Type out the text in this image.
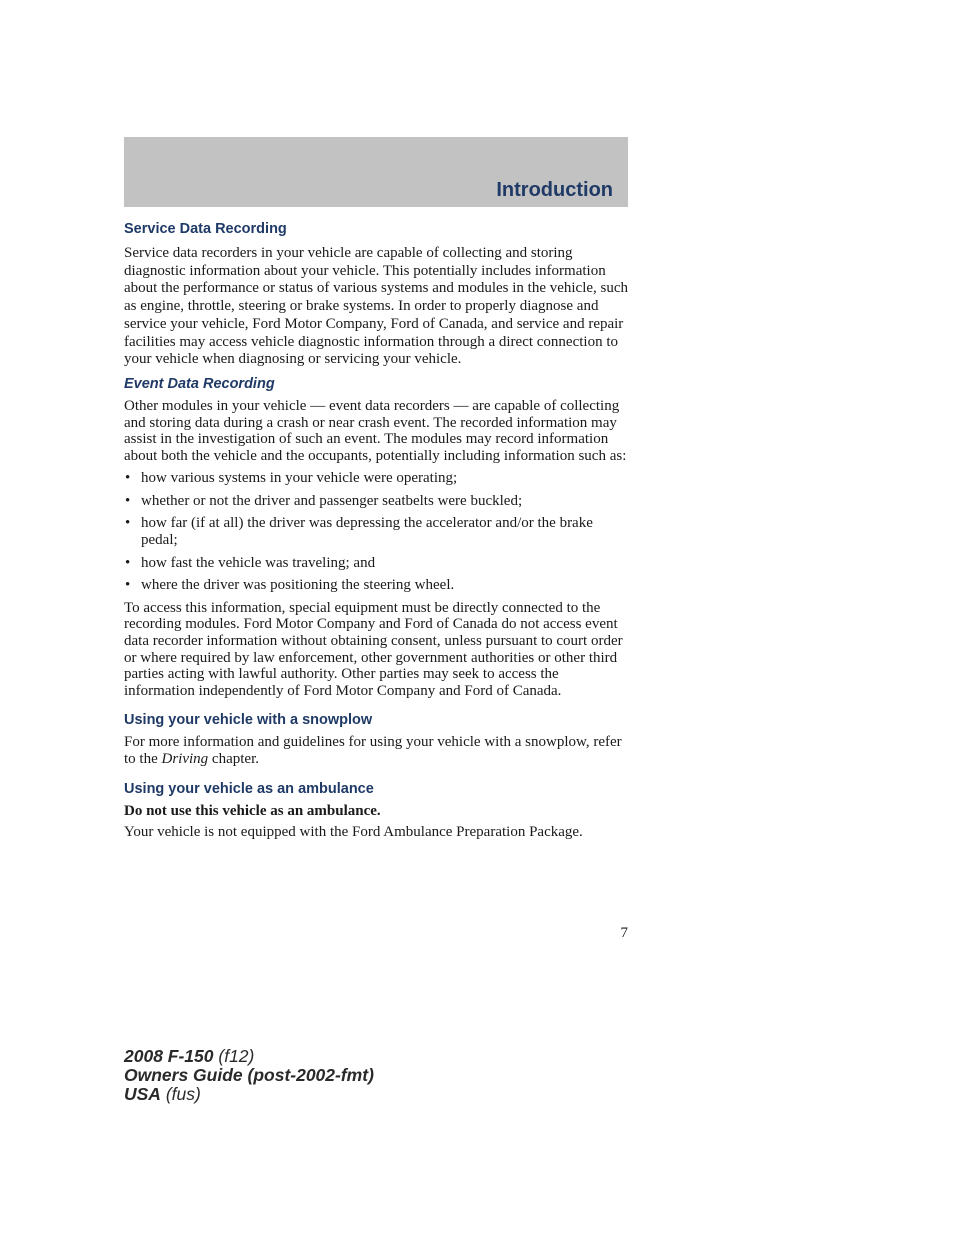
Introduction
Service Data Recording

Service data recorders in your vehicle are capable of collecting and storing diagnostic information about your vehicle. This potentially includes information about the performance or status of various systems and modules in the vehicle, such as engine, throttle, steering or brake systems. In order to properly diagnose and service your vehicle, Ford Motor Company, Ford of Canada, and service and repair facilities may access vehicle diagnostic information through a direct connection to your vehicle when diagnosing or servicing your vehicle.

Event Data Recording

Other modules in your vehicle — event data recorders — are capable of collecting and storing data during a crash or near crash event. The recorded information may assist in the investigation of such an event. The modules may record information about both the vehicle and the occupants, potentially including information such as:

• how various systems in your vehicle were operating;
• whether or not the driver and passenger seatbelts were buckled;
• how far (if at all) the driver was depressing the accelerator and/or the brake pedal;
• how fast the vehicle was traveling; and
• where the driver was positioning the steering wheel.

To access this information, special equipment must be directly connected to the recording modules. Ford Motor Company and Ford of Canada do not access event data recorder information without obtaining consent, unless pursuant to court order or where required by law enforcement, other government authorities or other third parties acting with lawful authority. Other parties may seek to access the information independently of Ford Motor Company and Ford of Canada.

Using your vehicle with a snowplow

For more information and guidelines for using your vehicle with a snowplow, refer to the Driving chapter.

Using your vehicle as an ambulance

Do not use this vehicle as an ambulance.

Your vehicle is not equipped with the Ford Ambulance Preparation Package.

7
2008 F-150 (f12)
Owners Guide (post-2002-fmt)
USA (fus)
